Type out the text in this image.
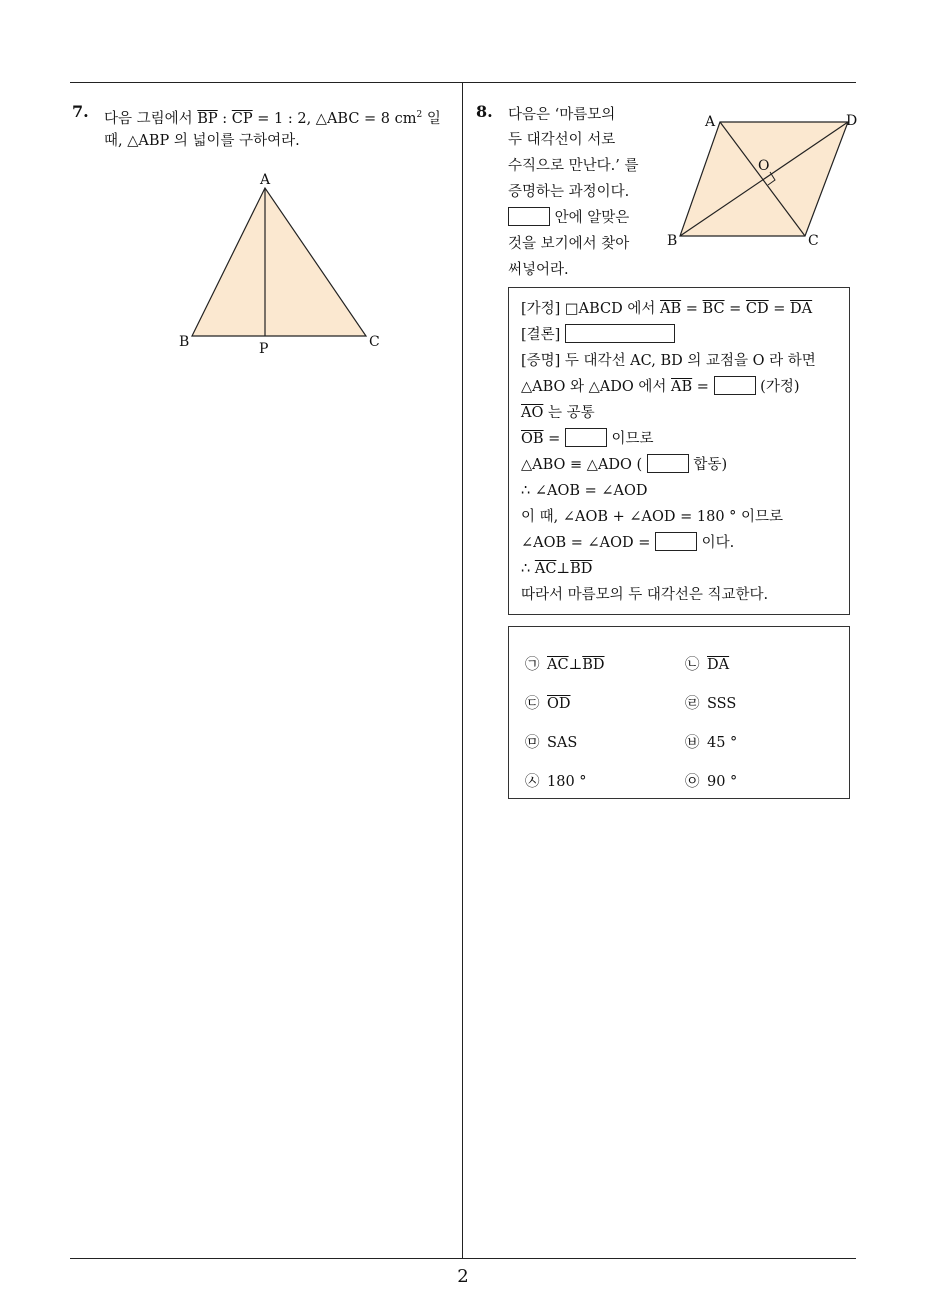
7. 다음 그림에서 $\overline{BP}$ : $\overline{CP} = 1$ : 2, △ABC = 8 $cm^2$ 일
때, △ABP 의 넓이를 구하여라.
A
B	C
P
8. 다음은 ‘마름모의
두 대각선이 서로
수직으로 만난다.’ 를
증명하는 과정이다.
안에 알맞은
것을 보기에서 찾아
써넣어라.
A	D
O
B	C
[가정] □ABCD 에서 $\overline{AB} = \overline{BC} = \overline{CD} = \overline{DA}$
[결론]
[증명] 두 대각선 AC, BD 의 교점을 O 라 하면
△ABO 와 △ADO 에서 $\overline{AB}$ =	(가정)
$\overline{AO}$ 는 공통
$\overline{OB}$ =	이므로
△ABO ≡ △ADO (	합동)
∴ ∠AOB = ∠AOD
이 때, ∠AOB + ∠AOD = 180 ° 이므로
∠AOB = ∠AOD =	이다.
∴ $\overline{AC}\perp\overline{BD}$
따라서 마름모의 두 대각선은 직교한다.
㉠ $\overline{AC}\perp\overline{BD}$	㉡ $\overline{DA}$
㉢ $\overline{OD}$	㉣ SSS
㉤ SAS	㉥ 45 °
㉦ 180 °	㉧ 90 °
2
